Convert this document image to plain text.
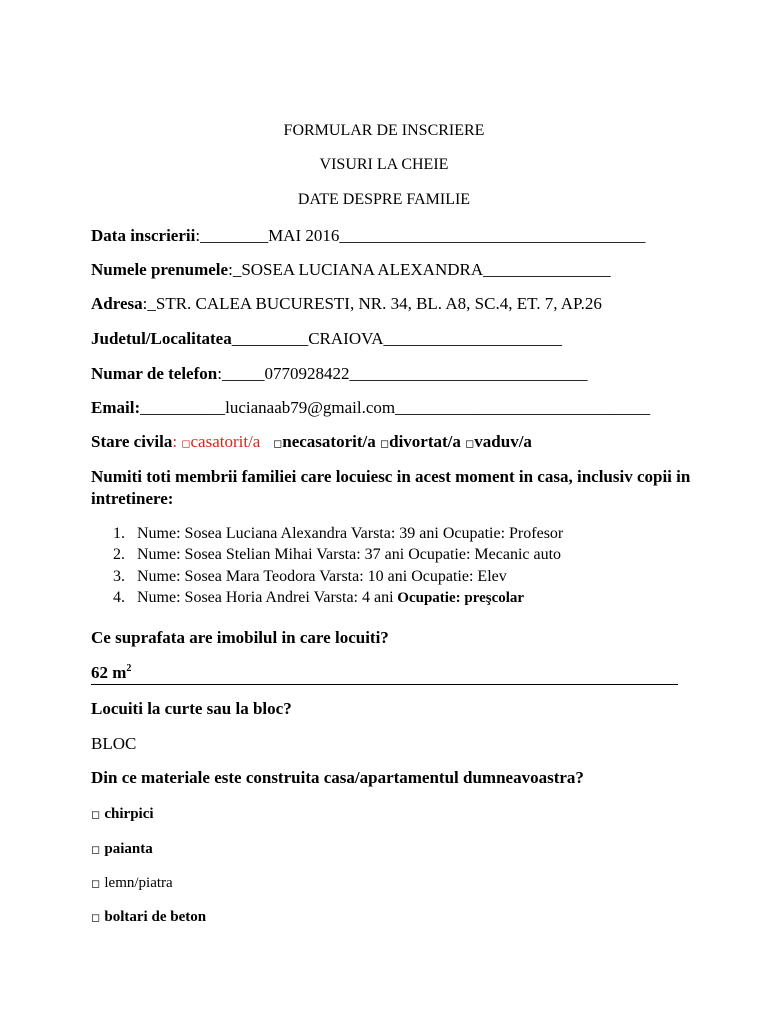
FORMULAR DE INSCRIERE
VISURI LA CHEIE
DATE DESPRE FAMILIE
Data inscrierii:________MAI 2016____________________________________
Numele prenumele:_SOSEA LUCIANA ALEXANDRA_______________
Adresa:_STR. CALEA BUCURESTI, NR. 34, BL. A8, SC.4, ET. 7, AP.26
Judetul/Localitatea_________CRAIOVA_____________________
Numar de telefon:_____0770928422____________________________
Email:__________lucianaab79@gmail.com______________________________
Stare civila: ◻casatorit/a ◻necasatorit/a ◻divortat/a ◻vaduv/a
Numiti toti membrii familiei care locuiesc in acest moment in casa, inclusiv copii in intretinere:
1. Nume: Sosea Luciana Alexandra Varsta: 39 ani Ocupatie: Profesor
2. Nume: Sosea Stelian Mihai Varsta: 37 ani Ocupatie: Mecanic auto
3. Nume: Sosea Mara Teodora Varsta: 10 ani Ocupatie: Elev
4. Nume: Sosea Horia Andrei Varsta: 4 ani Ocupatie: preşcolar
Ce suprafata are imobilul in care locuiti?
62 $m^2$
Locuiti la curte sau la bloc?
BLOC
Din ce materiale este construita casa/apartamentul dumneavoastra?
◻ chirpici
◻ paianta
◻ lemn/piatra
◻ boltari de beton
